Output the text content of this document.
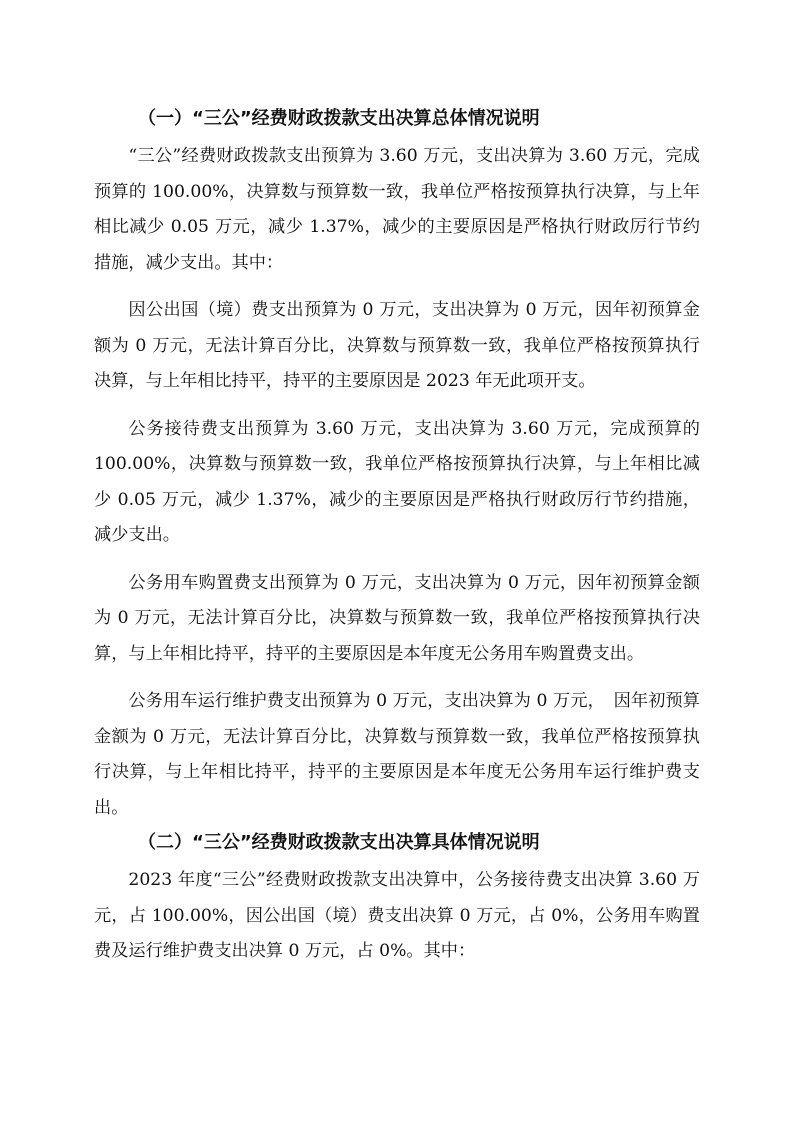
（一）“三公”经费财政拨款支出决算总体情况说明

“三公”经费财政拨款支出预算为 3.60 万元，支出决算为 3.60 万元，完成预算的 100.00%，决算数与预算数一致，我单位严格按预算执行决算，与上年相比减少 0.05 万元，减少 1.37%，减少的主要原因是严格执行财政厉行节约措施，减少支出。其中：

因公出国（境）费支出预算为 0 万元，支出决算为 0 万元，因年初预算金额为 0 万元，无法计算百分比，决算数与预算数一致，我单位严格按预算执行决算，与上年相比持平，持平的主要原因是 2023 年无此项开支。

公务接待费支出预算为 3.60 万元，支出决算为 3.60 万元，完成预算的 100.00%，决算数与预算数一致，我单位严格按预算执行决算，与上年相比减少 0.05 万元，减少 1.37%，减少的主要原因是严格执行财政厉行节约措施，减少支出。

公务用车购置费支出预算为 0 万元，支出决算为 0 万元，因年初预算金额为 0 万元，无法计算百分比，决算数与预算数一致，我单位严格按预算执行决算，与上年相比持平，持平的主要原因是本年度无公务用车购置费支出。

公务用车运行维护费支出预算为 0 万元，支出决算为 0 万元，　因年初预算金额为 0 万元，无法计算百分比，决算数与预算数一致，我单位严格按预算执行决算，与上年相比持平，持平的主要原因是本年度无公务用车运行维护费支出。

（二）“三公”经费财政拨款支出决算具体情况说明

2023 年度“三公”经费财政拨款支出决算中，公务接待费支出决算 3.60 万元，占 100.00%，因公出国（境）费支出决算 0 万元，占 0%，公务用车购置费及运行维护费支出决算 0 万元，占 0%。其中：
